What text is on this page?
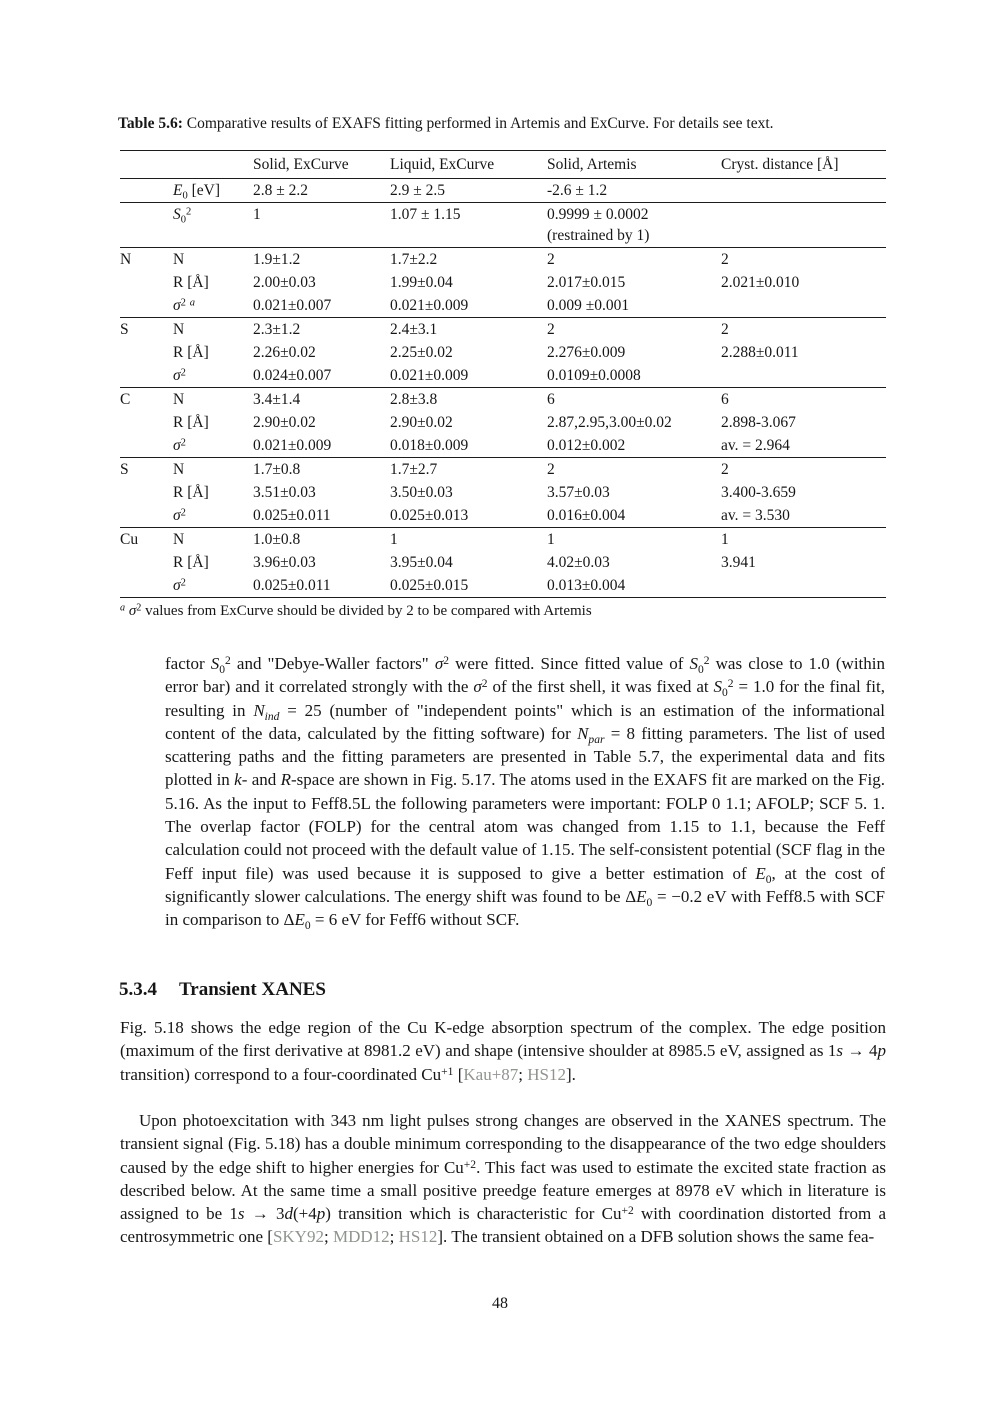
Table 5.6: Comparative results of EXAFS fitting performed in Artemis and ExCurve. For details see text.
		Solid, ExCurve	Liquid, ExCurve	Solid, Artemis	Cryst. distance [Å]
	$E_0$ [eV]	2.8 ± 2.2	2.9 ± 2.5	-2.6 ± 1.2	
	$S_0^2$	1	1.07 ± 1.15	0.9999 ± 0.0002
(restrained by 1)	
N	N	1.9±1.2	1.7±2.2	2	2
	R [Å]	2.00±0.03	1.99±0.04	2.017±0.015	2.021±0.010
	$\sigma^2$ $^a$	0.021±0.007	0.021±0.009	0.009 ±0.001	
S	N	2.3±1.2	2.4±3.1	2	2
	R [Å]	2.26±0.02	2.25±0.02	2.276±0.009	2.288±0.011
	$\sigma^2$	0.024±0.007	0.021±0.009	0.0109±0.0008	
C	N	3.4±1.4	2.8±3.8	6	6
	R [Å]	2.90±0.02	2.90±0.02	2.87,2.95,3.00±0.02	2.898-3.067
	$\sigma^2$	0.021±0.009	0.018±0.009	0.012±0.002	av. = 2.964
S	N	1.7±0.8	1.7±2.7	2	2
	R [Å]	3.51±0.03	3.50±0.03	3.57±0.03	3.400-3.659
	$\sigma^2$	0.025±0.011	0.025±0.013	0.016±0.004	av. = 3.530
Cu	N	1.0±0.8	1	1	1
	R [Å]	3.96±0.03	3.95±0.04	4.02±0.03	3.941
	$\sigma^2$	0.025±0.011	0.025±0.015	0.013±0.004	
$^a$ $\sigma^2$ values from ExCurve should be divided by 2 to be compared with Artemis
factor $S_0^2$ and "Debye-Waller factors" $\sigma^2$ were fitted. Since fitted value of $S_0^2$ was close to 1.0 (within error bar) and it correlated strongly with the $\sigma^2$ of the first shell, it was fixed at $S_0^2 = 1.0$ for the final fit, resulting in $N_{ind} = 25$ (number of "independent points" which is an estimation of the informational content of the data, calculated by the fitting software) for $N_{par} = 8$ fitting parameters. The list of used scattering paths and the fitting parameters are presented in Table 5.7, the experimental data and fits plotted in k- and R-space are shown in Fig. 5.17. The atoms used in the EXAFS fit are marked on the Fig. 5.16. As the input to Feff8.5L the following parameters were important: FOLP 0 1.1; AFOLP; SCF 5. 1. The overlap factor (FOLP) for the central atom was changed from 1.15 to 1.1, because the Feff calculation could not proceed with the default value of 1.15. The self-consistent potential (SCF flag in the Feff input file) was used because it is supposed to give a better estimation of $E_0$, at the cost of significantly slower calculations. The energy shift was found to be $\Delta E_0 = -0.2$ eV with Feff8.5 with SCF in comparison to $\Delta E_0 = 6$ eV for Feff6 without SCF.
5.3.4 Transient XANES
Fig. 5.18 shows the edge region of the Cu K-edge absorption spectrum of the complex. The edge position (maximum of the first derivative at 8981.2 eV) and shape (intensive shoulder at 8985.5 eV, assigned as 1s → 4p transition) correspond to a four-coordinated $Cu^{+1}$ [Kau+87; HS12].
Upon photoexcitation with 343 nm light pulses strong changes are observed in the XANES spectrum. The transient signal (Fig. 5.18) has a double minimum corresponding to the disappearance of the two edge shoulders caused by the edge shift to higher energies for $Cu^{+2}$. This fact was used to estimate the excited state fraction as described below. At the same time a small positive preedge feature emerges at 8978 eV which in literature is assigned to be 1s → 3d(+4p) transition which is characteristic for $Cu^{+2}$ with coordination distorted from a centrosymmetric one [SKY92; MDD12; HS12]. The transient obtained on a DFB solution shows the same fea-
48
